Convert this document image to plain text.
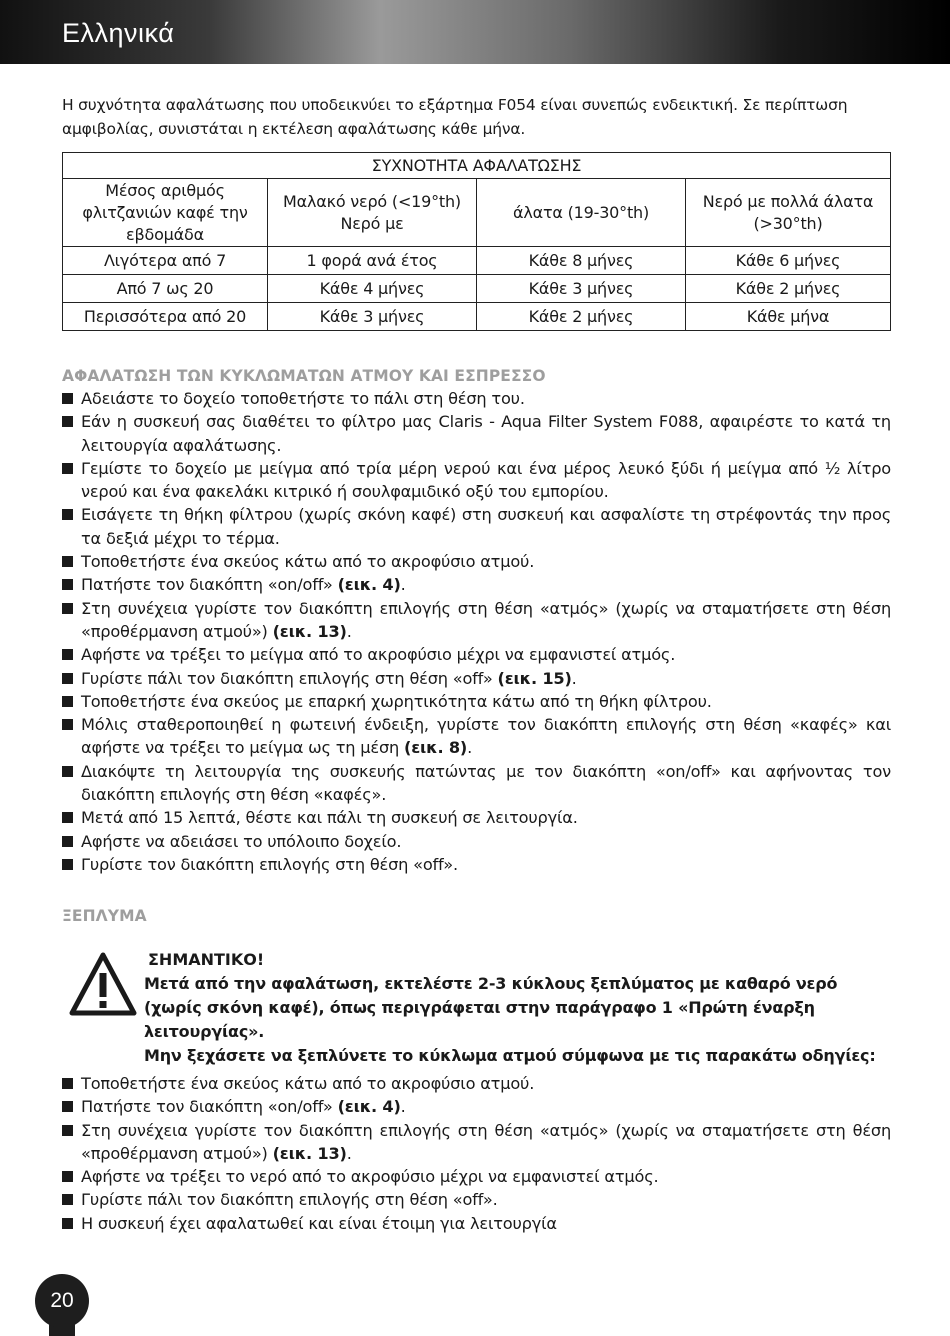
Ελληνικά
Η συχνότητα αφαλάτωσης που υποδεικνύει το εξάρτημα F054 είναι συνεπώς ενδεικτική. Σε περίπτωση αμφιβολίας, συνιστάται η εκτέλεση αφαλάτωσης κάθε μήνα.
ΣΥΧΝΟΤΗΤΑ ΑΦΑΛΑΤΩΣΗΣ			
Μέσος αριθμός φλιτζανιών καφέ την εβδομάδα	Μαλακό νερό (<19°th) Νερό με	άλατα (19-30°th)	Νερό με πολλά άλατα (>30°th)
Λιγότερα από 7	1 φορά ανά έτος	Κάθε 8 μήνες	Κάθε 6 μήνες
Από 7 ως 20	Κάθε 4 μήνες	Κάθε 3 μήνες	Κάθε 2 μήνες
Περισσότερα από 20	Κάθε 3 μήνες	Κάθε 2 μήνες	Κάθε μήνα
ΑΦΑΛΑΤΩΣΗ ΤΩΝ ΚΥΚΛΩΜΑΤΩΝ ΑΤΜΟΥ ΚΑΙ ΕΣΠΡΕΣΣΟ
Αδειάστε το δοχείο τοποθετήστε το πάλι στη θέση του.
Εάν η συσκευή σας διαθέτει το φίλτρο μας Claris - Aqua Filter System F088, αφαιρέστε το κατά τη λειτουργία αφαλάτωσης.
Γεμίστε το δοχείο με μείγμα από τρία μέρη νερού και ένα μέρος λευκό ξύδι ή μείγμα από ½ λίτρο νερού και ένα φακελάκι κιτρικό ή σουλφαμιδικό οξύ του εμπορίου.
Εισάγετε τη θήκη φίλτρου (χωρίς σκόνη καφέ) στη συσκευή και ασφαλίστε τη στρέφοντάς την προς τα δεξιά μέχρι το τέρμα.
Τοποθετήστε ένα σκεύος κάτω από το ακροφύσιο ατμού.
Πατήστε τον διακόπτη «on/off» (εικ. 4).
Στη συνέχεια γυρίστε τον διακόπτη επιλογής στη θέση «ατμός» (χωρίς να σταματήσετε στη θέση «προθέρμανση ατμού») (εικ. 13).
Αφήστε να τρέξει το μείγμα από το ακροφύσιο μέχρι να εμφανιστεί ατμός.
Γυρίστε πάλι τον διακόπτη επιλογής στη θέση «off» (εικ. 15).
Τοποθετήστε ένα σκεύος με επαρκή χωρητικότητα κάτω από τη θήκη φίλτρου.
Μόλις σταθεροποιηθεί η φωτεινή ένδειξη, γυρίστε τον διακόπτη επιλογής στη θέση «καφές» και αφήστε να τρέξει το μείγμα ως τη μέση (εικ. 8).
Διακόψτε τη λειτουργία της συσκευής πατώντας με τον διακόπτη «on/off» και αφήνοντας τον διακόπτη επιλογής στη θέση «καφές».
Μετά από 15 λεπτά, θέστε και πάλι τη συσκευή σε λειτουργία.
Αφήστε να αδειάσει το υπόλοιπο δοχείο.
Γυρίστε τον διακόπτη επιλογής στη θέση «off».
ΞΕΠΛΥΜΑ
ΣΗΜΑΝΤΙΚΟ!
Μετά από την αφαλάτωση, εκτελέστε 2-3 κύκλους ξεπλύματος με καθαρό νερό (χωρίς σκόνη καφέ), όπως περιγράφεται στην παράγραφο 1 «Πρώτη έναρξη λειτουργίας».
Μην ξεχάσετε να ξεπλύνετε το κύκλωμα ατμού σύμφωνα με τις παρακάτω οδηγίες:
Τοποθετήστε ένα σκεύος κάτω από το ακροφύσιο ατμού.
Πατήστε τον διακόπτη «on/off» (εικ. 4).
Στη συνέχεια γυρίστε τον διακόπτη επιλογής στη θέση «ατμός» (χωρίς να σταματήσετε στη θέση «προθέρμανση ατμού») (εικ. 13).
Αφήστε να τρέξει το νερό από το ακροφύσιο μέχρι να εμφανιστεί ατμός.
Γυρίστε πάλι τον διακόπτη επιλογής στη θέση «off».
Η συσκευή έχει αφαλατωθεί και είναι έτοιμη για λειτουργία
20
